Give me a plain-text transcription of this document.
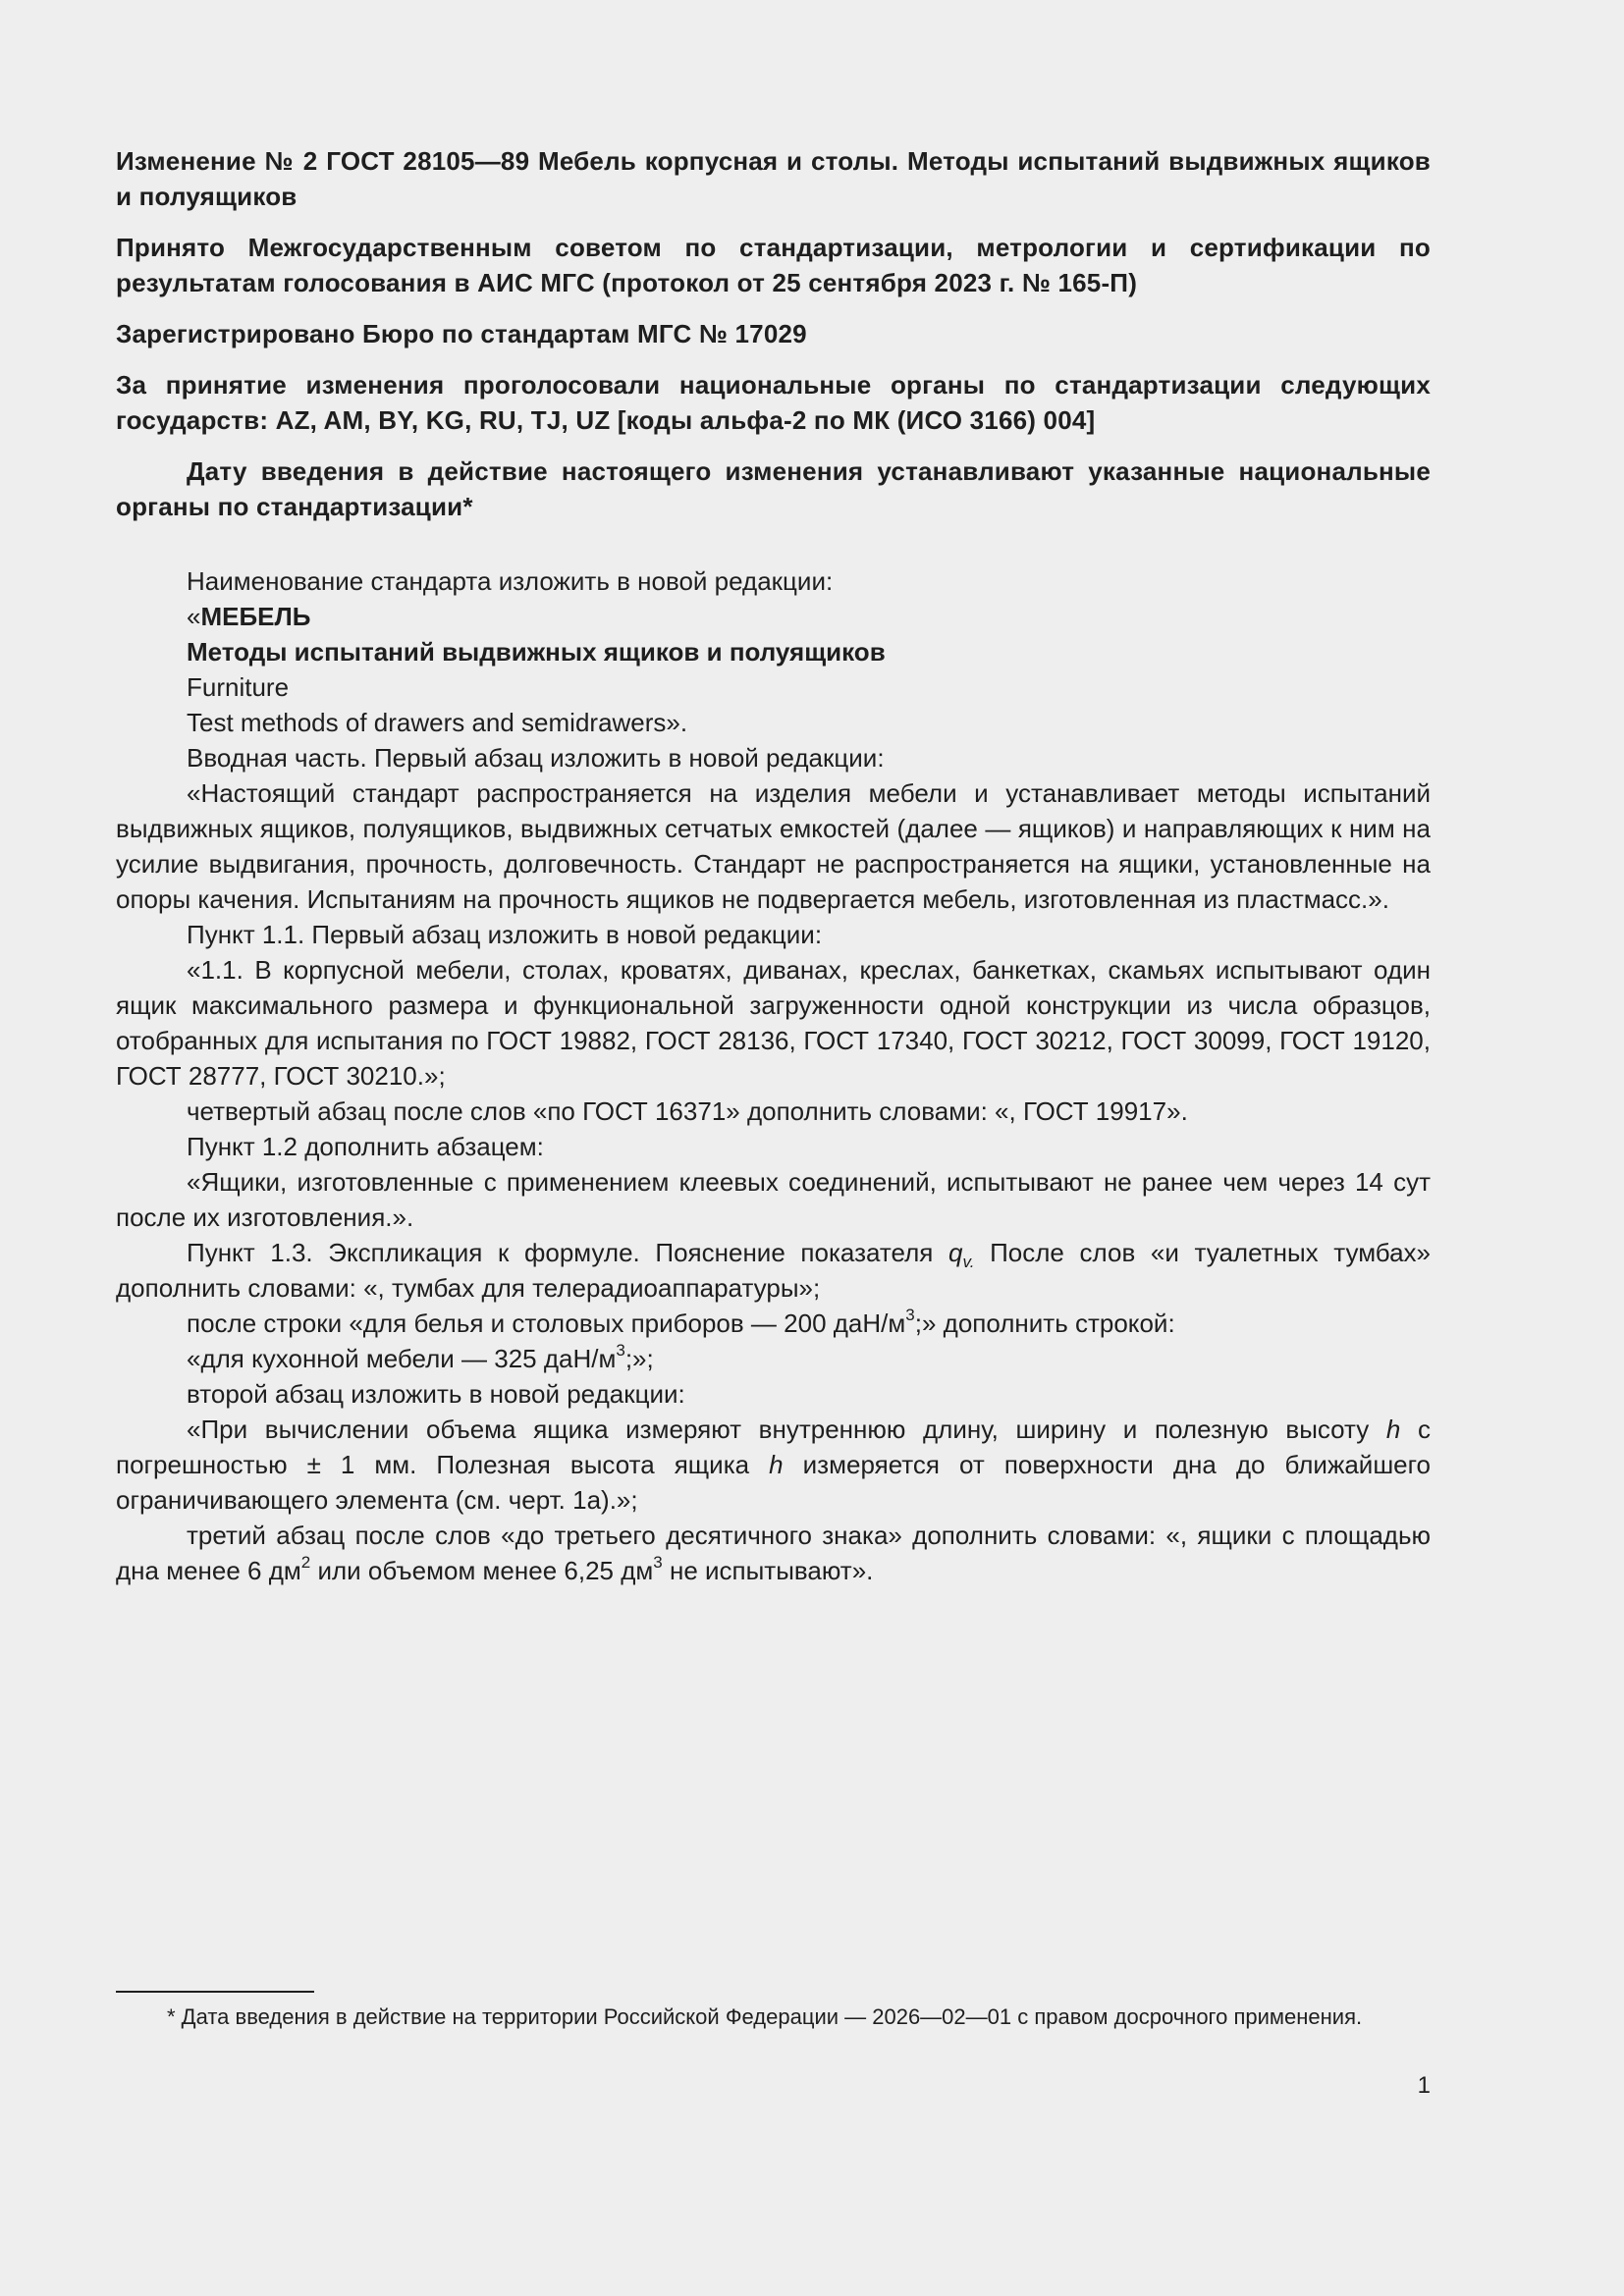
Изменение № 2 ГОСТ 28105—89 Мебель корпусная и столы. Методы испытаний выдвижных ящиков и полуящиков

Принято Межгосударственным советом по стандартизации, метрологии и сертификации по результатам голосования в АИС МГС (протокол от 25 сентября 2023 г. № 165-П)

Зарегистрировано Бюро по стандартам МГС № 17029

За принятие изменения проголосовали национальные органы по стандартизации следующих государств: AZ, AM, BY, KG, RU, TJ, UZ [коды альфа-2 по МК (ИСО 3166) 004]

Дату введения в действие настоящего изменения устанавливают указанные национальные органы по стандартизации*

Наименование стандарта изложить в новой редакции:

«МЕБЕЛЬ

Методы испытаний выдвижных ящиков и полуящиков

Furniture

Test methods of drawers and semidrawers».

Вводная часть. Первый абзац изложить в новой редакции:

«Настоящий стандарт распространяется на изделия мебели и устанавливает методы испытаний выдвижных ящиков, полуящиков, выдвижных сетчатых емкостей (далее — ящиков) и направляющих к ним на усилие выдвигания, прочность, долговечность. Стандарт не распространяется на ящики, установленные на опоры качения. Испытаниям на прочность ящиков не подвергается мебель, изготовленная из пластмасс.».

Пункт 1.1. Первый абзац изложить в новой редакции:

«1.1. В корпусной мебели, столах, кроватях, диванах, креслах, банкетках, скамьях испытывают один ящик максимального размера и функциональной загруженности одной конструкции из числа образцов, отобранных для испытания по ГОСТ 19882, ГОСТ 28136, ГОСТ 17340, ГОСТ 30212, ГОСТ 30099, ГОСТ 19120, ГОСТ 28777, ГОСТ 30210.»;

четвертый абзац после слов «по ГОСТ 16371» дополнить словами: «, ГОСТ 19917».

Пункт 1.2 дополнить абзацем:

«Ящики, изготовленные с применением клеевых соединений, испытывают не ранее чем через 14 сут после их изготовления.».

Пункт 1.3. Экспликация к формуле. Пояснение показателя $q_{v.}$ После слов «и туалетных тумбах» дополнить словами: «, тумбах для телерадиоаппаратуры»;

после строки «для белья и столовых приборов — 200 даН/$м^3$;» дополнить строкой:

«для кухонной мебели — 325 даН/$м^3$;»;

второй абзац изложить в новой редакции:

«При вычислении объема ящика измеряют внутреннюю длину, ширину и полезную высоту h с погрешностью ± 1 мм. Полезная высота ящика h измеряется от поверхности дна до ближайшего ограничивающего элемента (см. черт. 1а).»;

третий абзац после слов «до третьего десятичного знака» дополнить словами: «, ящики с площадью дна менее 6 $дм^2$ или объемом менее 6,25 $дм^3$ не испытывают».

* Дата введения в действие на территории Российской Федерации — 2026—02—01 с правом досрочного применения.

1
